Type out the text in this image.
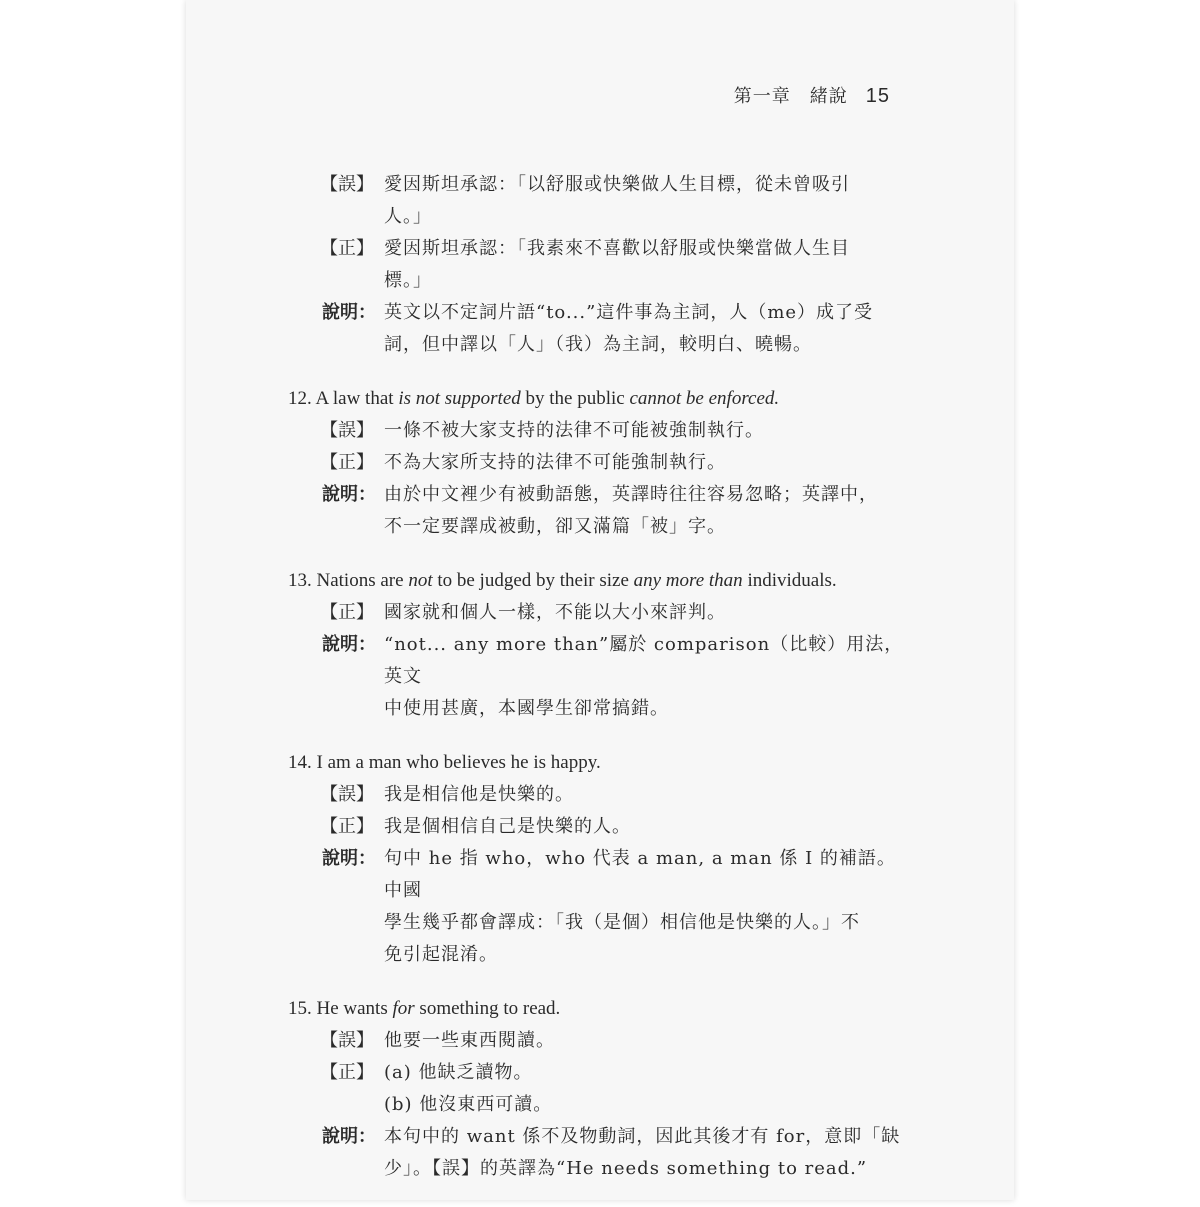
第一章　緒說 15
【誤】 愛因斯坦承認：「以舒服或快樂做人生目標，從未曾吸引
人。」
【正】 愛因斯坦承認：「我素來不喜歡以舒服或快樂當做人生目
標。」
說明： 英文以不定詞片語“to...”這件事為主詞，人（me）成了受
詞，但中譯以「人」（我）為主詞，較明白、曉暢。
12. A law that is not supported by the public cannot be enforced.
【誤】 一條不被大家支持的法律不可能被強制執行。
【正】 不為大家所支持的法律不可能強制執行。
說明： 由於中文裡少有被動語態，英譯時往往容易忽略；英譯中，
不一定要譯成被動，卻又滿篇「被」字。
13. Nations are not to be judged by their size any more than individuals.
【正】 國家就和個人一樣，不能以大小來評判。
說明： “not... any more than”屬於 comparison（比較）用法，英文
中使用甚廣，本國學生卻常搞錯。
14. I am a man who believes he is happy.
【誤】 我是相信他是快樂的。
【正】 我是個相信自己是快樂的人。
說明： 句中 he 指 who，who 代表 a man, a man 係 I 的補語。中國
學生幾乎都會譯成：「我（是個）相信他是快樂的人。」不
免引起混淆。
15. He wants for something to read.
【誤】 他要一些東西閱讀。
【正】 (a) 他缺乏讀物。
(b) 他沒東西可讀。
說明： 本句中的 want 係不及物動詞，因此其後才有 for，意即「缺
少」。【誤】的英譯為“He needs something to read.”
